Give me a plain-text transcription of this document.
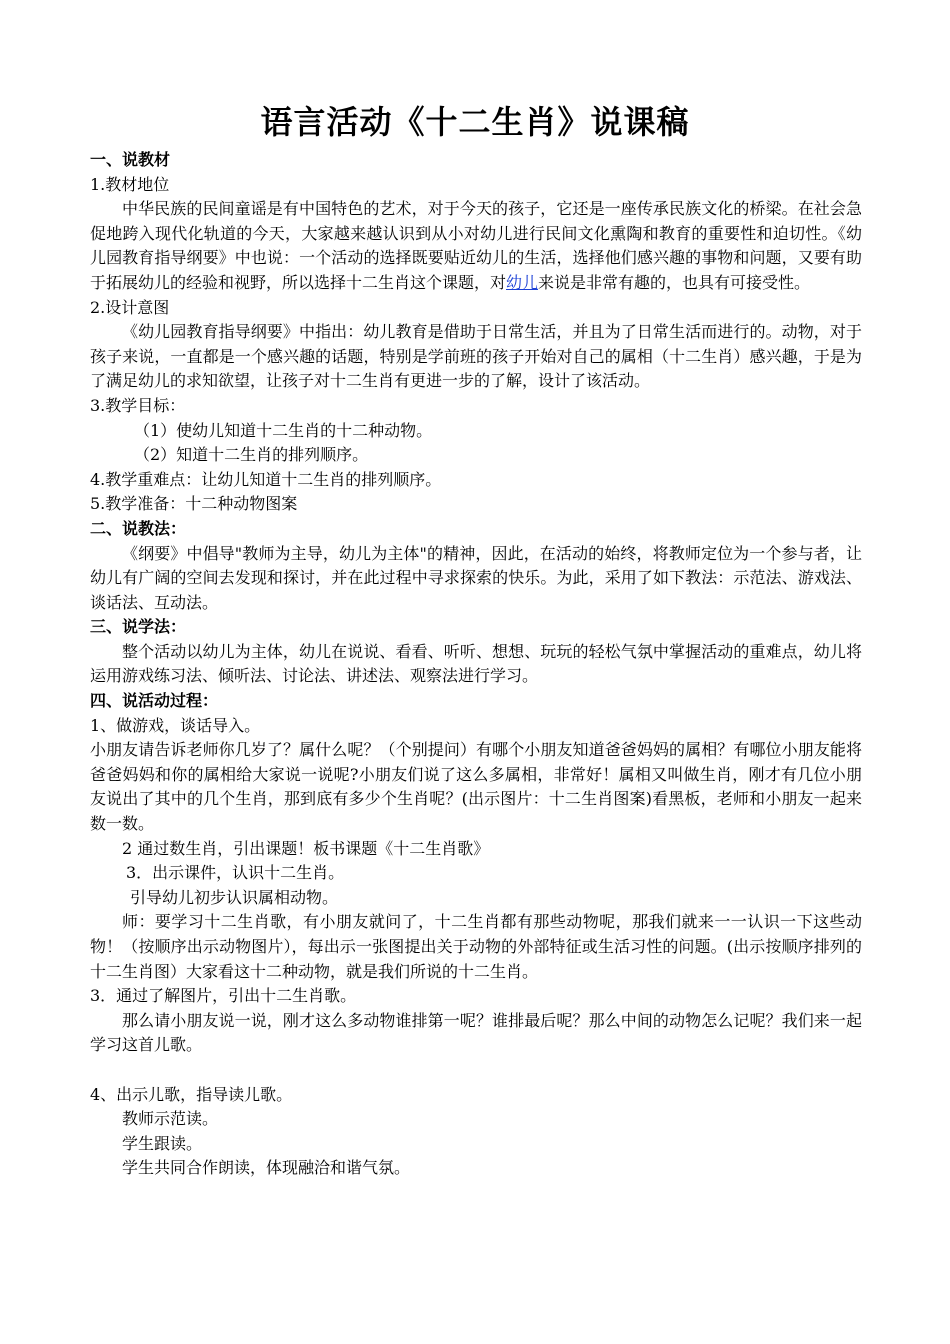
语言活动《十二生肖》说课稿

一、说教材

1.教材地位

中华民族的民间童谣是有中国特色的艺术，对于今天的孩子，它还是一座传承民族文化的桥梁。在社会急促地跨入现代化轨道的今天，大家越来越认识到从小对幼儿进行民间文化熏陶和教育的重要性和迫切性。《幼儿园教育指导纲要》中也说：一个活动的选择既要贴近幼儿的生活，选择他们感兴趣的事物和问题，又要有助于拓展幼儿的经验和视野，所以选择十二生肖这个课题，对幼儿来说是非常有趣的，也具有可接受性。

2.设计意图

《幼儿园教育指导纲要》中指出：幼儿教育是借助于日常生活，并且为了日常生活而进行的。动物，对于孩子来说，一直都是一个感兴趣的话题，特别是学前班的孩子开始对自己的属相（十二生肖）感兴趣，于是为了满足幼儿的求知欲望，让孩子对十二生肖有更进一步的了解，设计了该活动。

3.教学目标：

（1）使幼儿知道十二生肖的十二种动物。

（2）知道十二生肖的排列顺序。

4.教学重难点：让幼儿知道十二生肖的排列顺序。

5.教学准备：十二种动物图案

二、说教法：

《纲要》中倡导"教师为主导，幼儿为主体"的精神，因此，在活动的始终，将教师定位为一个参与者，让幼儿有广阔的空间去发现和探讨，并在此过程中寻求探索的快乐。为此，采用了如下教法：示范法、游戏法、谈话法、互动法。

三、说学法：

整个活动以幼儿为主体，幼儿在说说、看看、听听、想想、玩玩的轻松气氛中掌握活动的重难点，幼儿将运用游戏练习法、倾听法、讨论法、讲述法、观察法进行学习。

四、说活动过程：

1、做游戏，谈话导入。

小朋友请告诉老师你几岁了？属什么呢？（个别提问）有哪个小朋友知道爸爸妈妈的属相？有哪位小朋友能将爸爸妈妈和你的属相给大家说一说呢?小朋友们说了这么多属相，非常好！属相又叫做生肖，刚才有几位小朋友说出了其中的几个生肖，那到底有多少个生肖呢？(出示图片：十二生肖图案)看黑板，老师和小朋友一起来数一数。

2 通过数生肖，引出课题！板书课题《十二生肖歌》

3．出示课件，认识十二生肖。

引导幼儿初步认识属相动物。

师：要学习十二生肖歌，有小朋友就问了，十二生肖都有那些动物呢，那我们就来一一认识一下这些动物！（按顺序出示动物图片），每出示一张图提出关于动物的外部特征或生活习性的问题。(出示按顺序排列的十二生肖图）大家看这十二种动物，就是我们所说的十二生肖。

3．通过了解图片，引出十二生肖歌。

那么请小朋友说一说，刚才这么多动物谁排第一呢？谁排最后呢？那么中间的动物怎么记呢？我们来一起学习这首儿歌。

4、出示儿歌，指导读儿歌。

教师示范读。

学生跟读。

学生共同合作朗读，体现融洽和谐气氛。
